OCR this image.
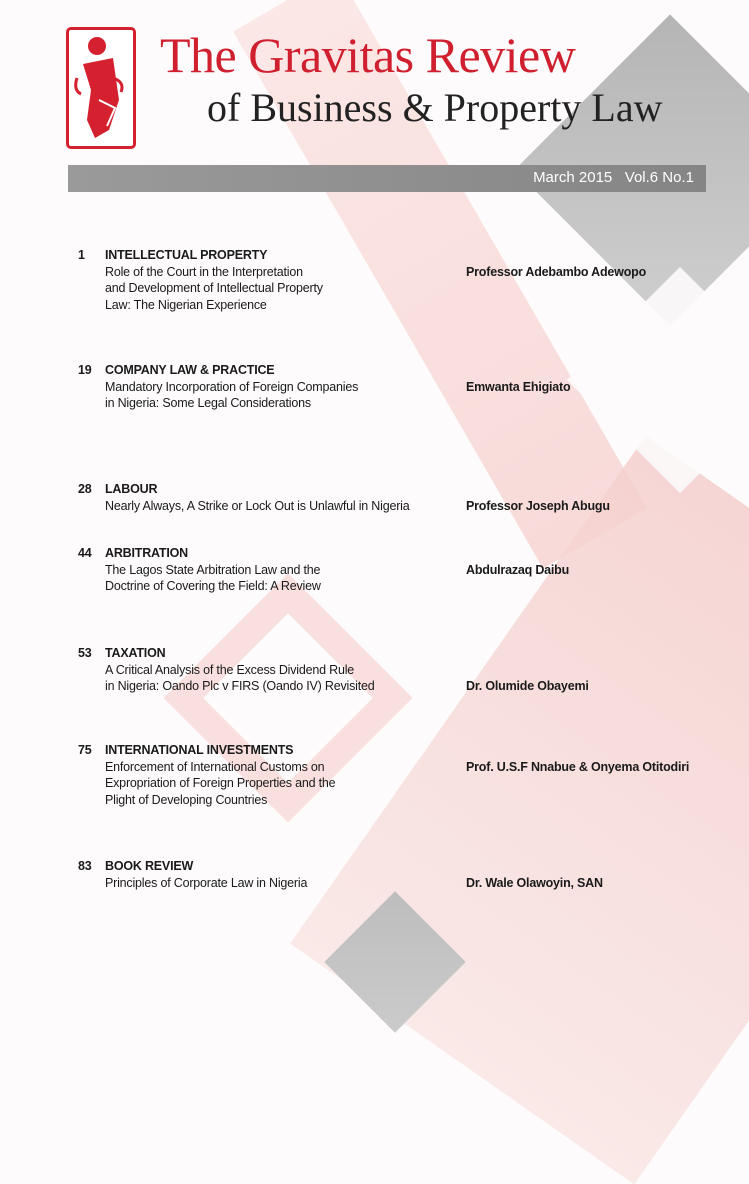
The Gravitas Review
of Business & Property Law
March 2015   Vol.6 No.1
1	INTELLECTUAL PROPERTY
Role of the Court in the Interpretation
and Development of Intellectual Property
Law: The Nigerian Experience
Professor Adebambo Adewopo
19	COMPANY LAW & PRACTICE
Mandatory Incorporation of Foreign Companies
in Nigeria: Some Legal Considerations
Emwanta Ehigiato
28	LABOUR
Nearly Always, A Strike or Lock Out is Unlawful in Nigeria	Professor Joseph Abugu
44	ARBITRATION
The Lagos State Arbitration Law and the
Doctrine of Covering the Field: A Review
Abdulrazaq Daibu
53	TAXATION
A Critical Analysis of the Excess Dividend Rule
in Nigeria: Oando Plc v FIRS (Oando IV) Revisited	Dr. Olumide Obayemi
75	INTERNATIONAL INVESTMENTS
Enforcement of International Customs on
Expropriation of Foreign Properties and the
Plight of Developing Countries
Prof. U.S.F Nnabue & Onyema Otitodiri
83	BOOK REVIEW
Principles of Corporate Law in Nigeria	Dr. Wale Olawoyin, SAN
